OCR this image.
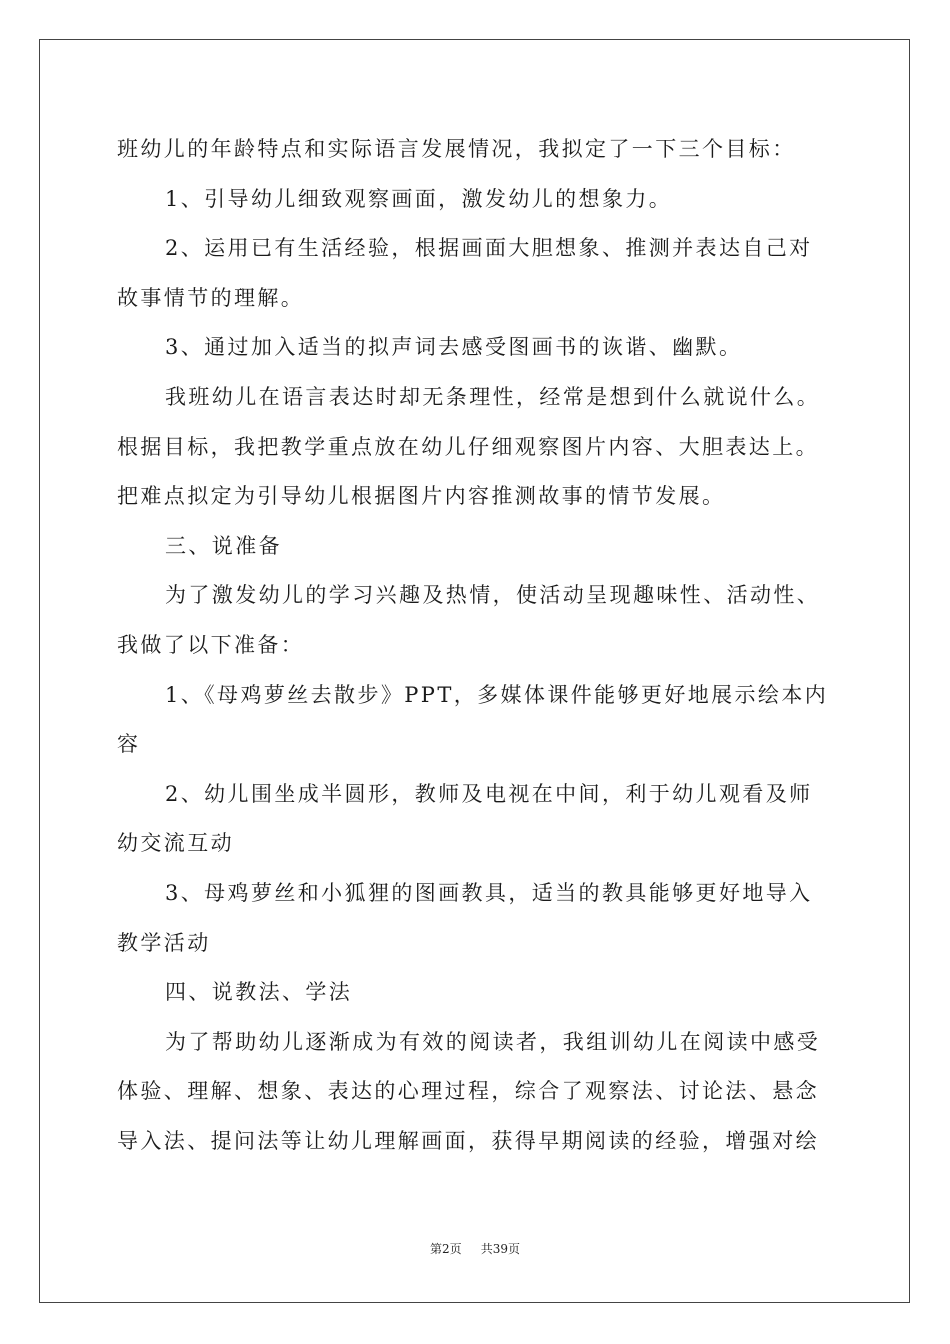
班幼儿的年龄特点和实际语言发展情况，我拟定了一下三个目标：
1、引导幼儿细致观察画面，激发幼儿的想象力。
2、运用已有生活经验，根据画面大胆想象、推测并表达自己对
故事情节的理解。
3、通过加入适当的拟声词去感受图画书的诙谐、幽默。
我班幼儿在语言表达时却无条理性，经常是想到什么就说什么。
根据目标，我把教学重点放在幼儿仔细观察图片内容、大胆表达上。
把难点拟定为引导幼儿根据图片内容推测故事的情节发展。
三、说准备
为了激发幼儿的学习兴趣及热情，使活动呈现趣味性、活动性、
我做了以下准备：
1、《母鸡萝丝去散步》PPT，多媒体课件能够更好地展示绘本内
容
2、幼儿围坐成半圆形，教师及电视在中间，利于幼儿观看及师
幼交流互动
3、母鸡萝丝和小狐狸的图画教具，适当的教具能够更好地导入
教学活动
四、说教法、学法
为了帮助幼儿逐渐成为有效的阅读者，我组训幼儿在阅读中感受
体验、理解、想象、表达的心理过程，综合了观察法、讨论法、悬念
导入法、提问法等让幼儿理解画面，获得早期阅读的经验，增强对绘
第2页 共39页
